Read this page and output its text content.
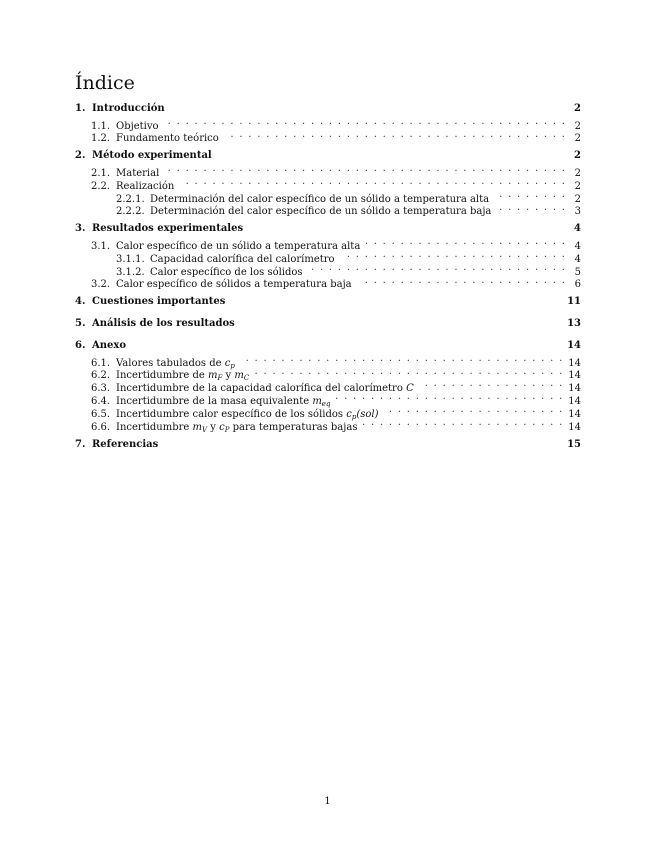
Índice
1. Introducción	2
1.1. Objetivo . . .	2
1.2. Fundamento teórico . . .	2
2. Método experimental	2
2.1. Material . . .	2
2.2. Realización . . .	2
2.2.1. Determinación del calor específico de un sólido a temperatura alta . . .	2
2.2.2. Determinación del calor específico de un sólido a temperatura baja . . .	3
3. Resultados experimentales	4
3.1. Calor específico de un sólido a temperatura alta . . .	4
3.1.1. Capacidad calorífica del calorímetro . . .	4
3.1.2. Calor específico de los sólidos . . .	5
3.2. Calor específico de sólidos a temperatura baja . . .	6
4. Cuestiones importantes	11
5. Análisis de los resultados	13
6. Anexo	14
6.1. Valores tabulados de $c_p$ . . .	14
6.2. Incertidumbre de $m_F$ y $m_C$ . . .	14
6.3. Incertidumbre de la capacidad calorífica del calorímetro C . . .	14
6.4. Incertidumbre de la masa equivalente $m_{eq}$ . . .	14
6.5. Incertidumbre calor específico de los sólidos $c_p(sol)$ . . .	14
6.6. Incertidumbre $m_V$ y $c_P$ para temperaturas bajas . . .	14
7. Referencias	15
1
